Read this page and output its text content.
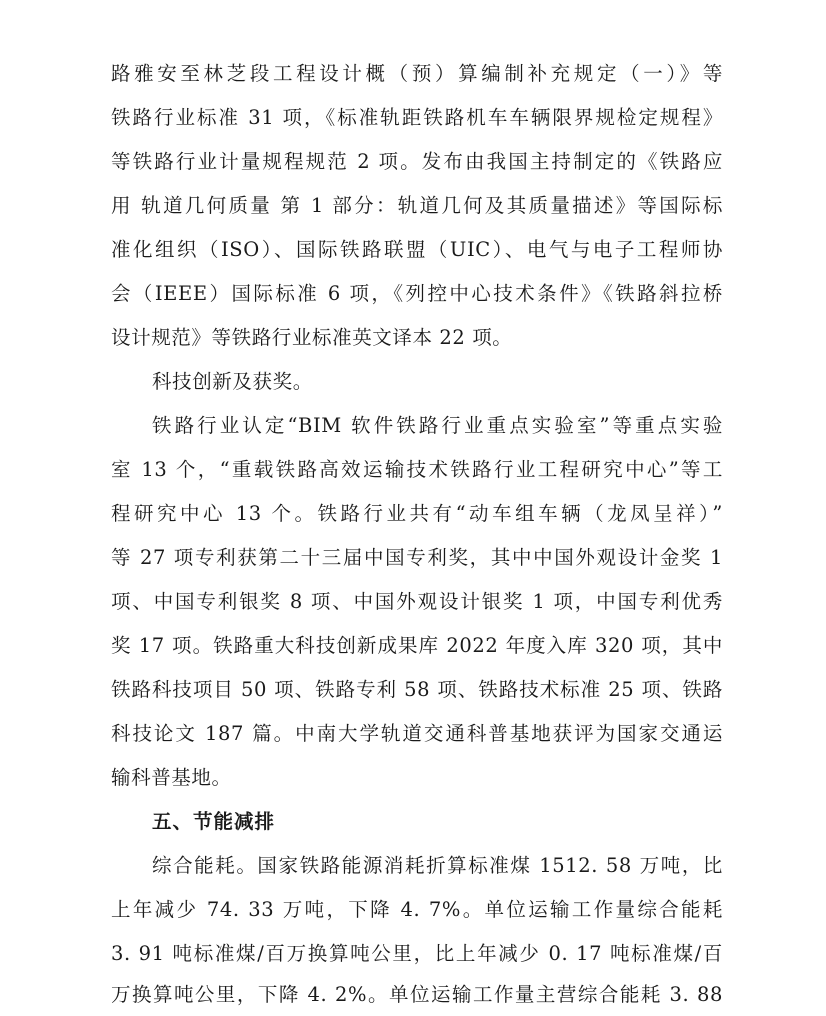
路雅安至林芝段工程设计概（预）算编制补充规定（一）》等
铁路行业标准 31 项，《标准轨距铁路机车车辆限界规检定规程》
等铁路行业计量规程规范 2 项。发布由我国主持制定的《铁路应
用 轨道几何质量 第 1 部分：轨道几何及其质量描述》等国际标
准化组织（ISO）、国际铁路联盟（UIC）、电气与电子工程师协
会（IEEE）国际标准 6 项，《列控中心技术条件》《铁路斜拉桥
设计规范》等铁路行业标准英文译本 22 项。
科技创新及获奖。
铁路行业认定“BIM 软件铁路行业重点实验室”等重点实验
室 13 个，“重载铁路高效运输技术铁路行业工程研究中心”等工
程研究中心 13 个。铁路行业共有“动车组车辆（龙凤呈祥）”
等 27 项专利获第二十三届中国专利奖，其中中国外观设计金奖 1
项、中国专利银奖 8 项、中国外观设计银奖 1 项，中国专利优秀
奖 17 项。铁路重大科技创新成果库 2022 年度入库 320 项，其中
铁路科技项目 50 项、铁路专利 58 项、铁路技术标准 25 项、铁路
科技论文 187 篇。中南大学轨道交通科普基地获评为国家交通运
输科普基地。
五、节能减排
综合能耗。国家铁路能源消耗折算标准煤 1512. 58 万吨，比
上年减少 74. 33 万吨，下降 4. 7%。单位运输工作量综合能耗
3. 91 吨标准煤/百万换算吨公里，比上年减少 0. 17 吨标准煤/百
万换算吨公里，下降 4. 2%。单位运输工作量主营综合能耗 3. 88
